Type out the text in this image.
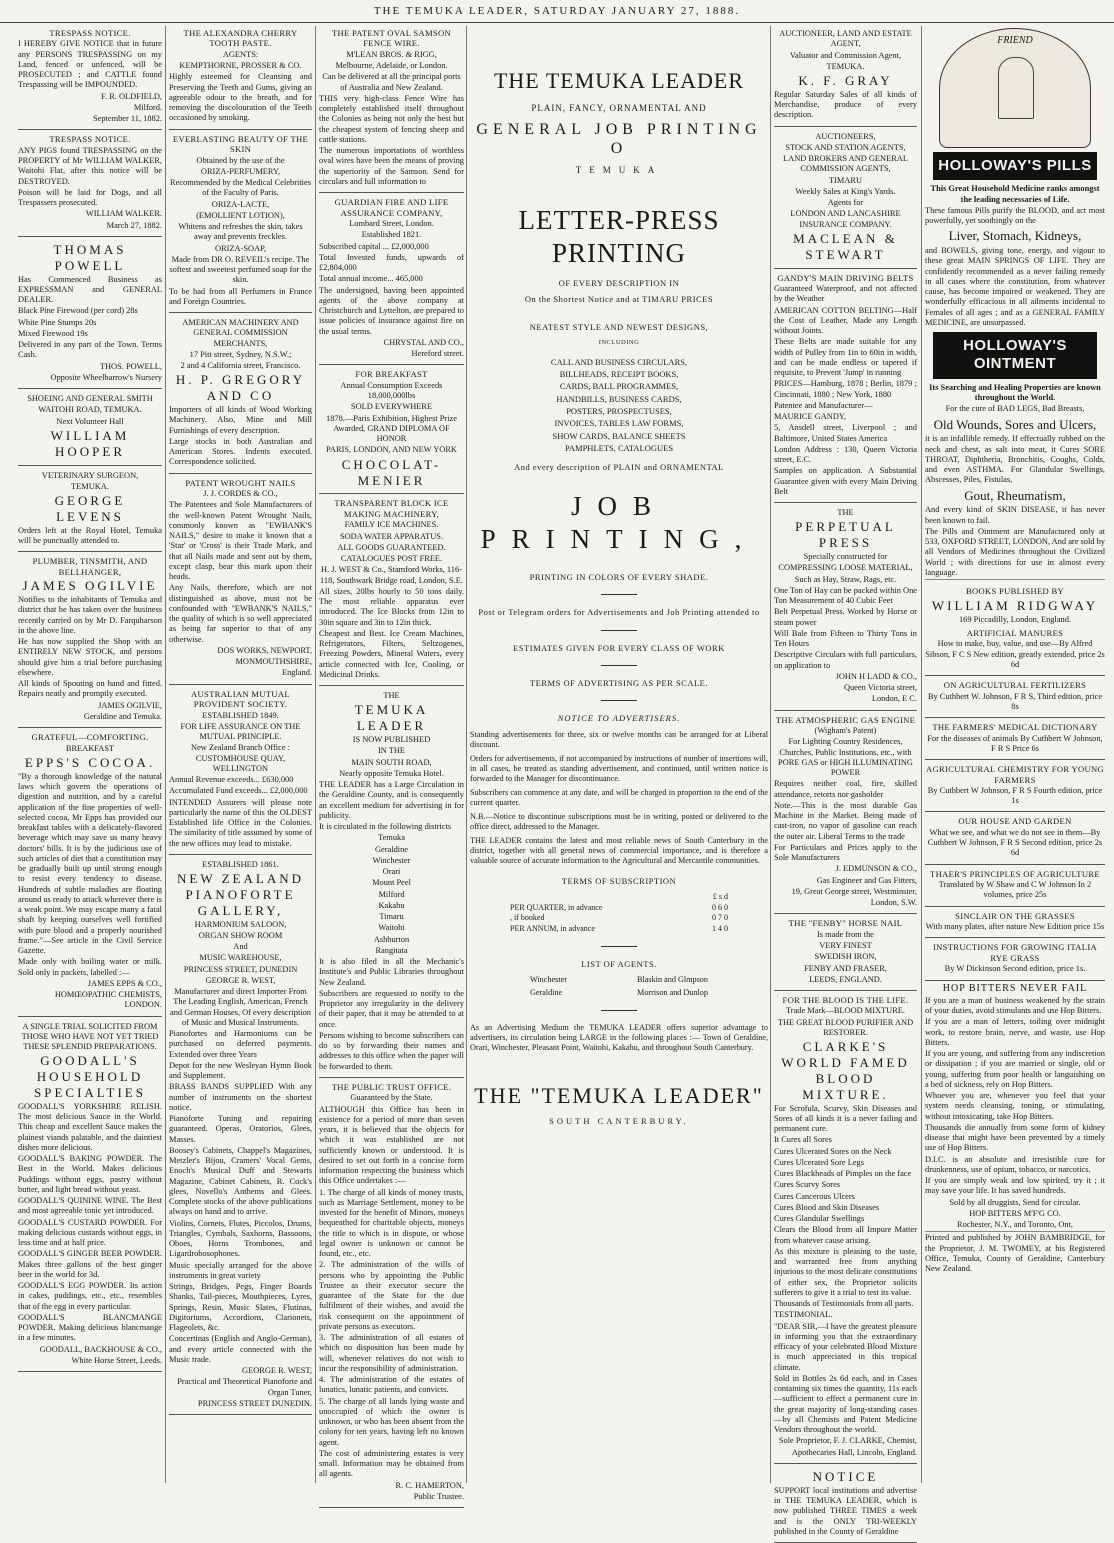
THE TEMUKA LEADER, SATURDAY JANUARY 27, 1888.
TRESPASS NOTICE.
I HEREBY GIVE NOTICE that in future any PERSONS TRESPASSING on my Land, fenced or unfenced, will be PROSECUTED ; and CATTLE found Trespassing will be IMPOUNDED.
F. R. OLDFIELD,
Milford.
September 11, 1882.
TRESPASS NOTICE.
ANY PIGS found TRESPASSING on the PROPERTY of Mr WILLIAM WALKER, Waitohi Flat, after this notice will be DESTROYED.
Poison will be laid for Dogs, and all Trespassers prosecuted.
WILLIAM WALKER.
March 27, 1882.
THOMAS POWELL
Has Commenced Business as EXPRESSMAN and GENERAL DEALER.
Black Pine Firewood (per cord) 28s
White Pine Stumps 20s
Mixed Firewood 19s
Delivered in any part of the Town. Terms Cash.
THOS. POWELL,
Opposite Wheelbarrow's Nursery
SHOEING AND GENERAL SMITH
WAITOHI ROAD, TEMUKA.
Next Volunteer Hall
WILLIAM HOOPER
VETERINARY SURGEON,
TEMUKA.
GEORGE LEVENS
Orders left at the Royal Hotel, Temuka will be punctually attended to.
PLUMBER, TINSMITH, AND BELLHANGER,
JAMES OGILVIE
Notifies to the inhabitants of Temuka and district that he has taken over the business recently carried on by Mr D. Farquharson in the above line.
He has now supplied the Shop with an ENTIRELY NEW STOCK, and persons should give him a trial before purchasing elsewhere.
All kinds of Spouting on hand and fitted. Repairs neatly and promptly executed.
JAMES OGILVIE,
Geraldine and Temuka.
GRATEFUL—COMFORTING.
BREAKFAST
EPPS'S COCOA.
"By a thorough knowledge of the natural laws which govern the operations of digestion and nutrition, and by a careful application of the fine properties of well-selected cocoa, Mr Epps has provided our breakfast tables with a delicately-flavored beverage which may save us many heavy doctors' bills. It is by the judicious use of such articles of diet that a constitution may be gradually built up until strong enough to resist every tendency to disease. Hundreds of subtle maladies are floating around us ready to attack wherever there is a weak point. We may escape many a fatal shaft by keeping ourselves well fortified with pure blood and a properly nourished frame."—See article in the Civil Service Gazette.
Made only with boiling water or milk. Sold only in packets, labelled :—
JAMES EPPS & CO.,
HOMŒOPATHIC CHEMISTS, LONDON.
A SINGLE TRIAL SOLICITED FROM THOSE WHO HAVE NOT YET TRIED THESE SPLENDID PREPARATIONS.
GOODALL'S HOUSEHOLD SPECIALTIES
GOODALL'S YORKSHIRE RELISH. The most delicious Sauce in the World. This cheap and excellent Sauce makes the plainest viands palatable, and the daintiest dishes more delicious.
GOODALL'S BAKING POWDER. The Best in the World. Makes delicious Puddings without eggs, pastry without butter, and light bread without yeast.
GOODALL'S QUININE WINE. The Best and most agreeable tonic yet introduced.
GOODALL'S CUSTARD POWDER. For making delicious custards without eggs, in less time and at half price.
GOODALL'S GINGER BEER POWDER. Makes three gallons of the best ginger beer in the world for 3d.
GOODALL'S EGG POWDER. Its action in cakes, puddings, etc., etc., resembles that of the egg in every particular.
GOODALL'S BLANCMANGE POWDER. Making delicious blancmange in a few minutes.
GOODALL, BACKHOUSE & CO.,
White Horse Street, Leeds.
THE ALEXANDRA CHERRY TOOTH PASTE.
AGENTS:
KEMPTHORNE, PROSSER & CO.
Highly esteemed for Cleansing and Preserving the Teeth and Gums, giving an agreeable odour to the breath, and for removing the discolouration of the Teeth occasioned by smoking.
EVERLASTING BEAUTY OF THE SKIN
Obtained by the use of the
ORIZA-PERFUMERY,
Recommended by the Medical Celebrities of the Faculty of Paris.
ORIZA-LACTE,
(EMOLLIENT LOTION),
Whitens and refreshes the skin, takes away and prevents freckles.
ORIZA-SOAP,
Made from DR O. REVEIL's recipe. The softest and sweetest perfumed soap for the skin.
To be had from all Perfumers in France and Foreign Countries.
AMERICAN MACHINERY AND GENERAL COMMISSION MERCHANTS,
17 Pitt street, Sydney, N.S.W.;
2 and 4 California street, Francisco.
H. P. GREGORY AND CO
Importers of all kinds of Wood Working Machinery. Also, Mine and Mill Furnishings of every description.
Large stocks in both Australian and American Stores. Indents executed. Correspondence solicited.
PATENT WROUGHT NAILS
J. J. CORDES & CO.,
The Patentees and Sole Manufacturers of the well-known Patent Wrought Nails, commonly known as "EWBANK'S NAILS," desire to make it known that a 'Star' or 'Cross' is their Trade Mark, and that all Nails made and sent out by them, except clasp, bear this mark upon their heads.
Any Nails, therefore, which are not distinguished as above, must not be confounded with "EWBANK'S NAILS," the quality of which is so well appreciated as being far superior to that of any otherwise.
DOS WORKS, NEWPORT,
MONMOUTHSHIRE,
England.
AUSTRALIAN MUTUAL PROVIDENT SOCIETY.
ESTABLISHED 1849.
FOR LIFE ASSURANCE ON THE MUTUAL PRINCIPLE.
New Zealand Branch Office : CUSTOMHOUSE QUAY, WELLINGTON
Annual Revenue exceeds... £630,000
Accumulated Fund exceeds... £2,000,000
INTENDED Assurers will please note particularly the name of this the OLDEST Established life Office in the Colonies. The similarity of title assumed by some of the new offices may lead to mistake.
ESTABLISHED 1861.
NEW ZEALAND PIANOFORTE GALLERY,
HARMONIUM SALOON,
ORGAN SHOW ROOM
And
MUSIC WAREHOUSE,
PRINCESS STREET, DUNEDIN
GEORGE R. WEST,
Manufacturer and direct Importer From The Leading English, American, French and German Houses, Of every description of Music and Musical Instruments.
Pianofortes and Harmoniums can be purchased on deferred payments. Extended over three Years
Depot for the new Wesleyan Hymn Book and Supplement.
BRASS BANDS SUPPLIED With any number of instruments on the shortest notice.
Pianoforte Tuning and repairing guaranteed. Operas, Oratorios, Glees, Masses.
Boosey's Cabinets, Chappel's Magazines, Metzler's Bijou, Cramers' Vocal Gems, Enoch's Musical Duff and Stewarts Magazine, Cabinet Cabinets, R. Cock's glees, Novello's Anthems and Glees. Complete stocks of the above publications always on hand and to arrive.
Violins, Cornets, Flutes, Piccolos, Drums, Triangles, Cymbals, Saxhorns, Bassoons, Oboes, Horns Trombones, and Ligardrobosophones.
Music specially arranged for the above instruments in great variety
Strings, Bridges, Pegs, Finger Boards Shanks, Tail-pieces, Mouthpieces, Lyres, Springs, Resin, Music Slates, Flutinas, Digitoriums, Accordions, Clarionets, Flageolets, &c.
Concertinas (English and Anglo-German), and every article connected with the Music trade.
GEORGE R. WEST,
Practical and Theoretical Pianoforte and Organ Tuner,
PRINCESS STREET DUNEDIN.
THE PATENT OVAL SAMSON FENCE WIRE.
M'LEAN BROS. & RIGG,
Melbourne, Adelaide, or London.
Can be delivered at all the principal ports of Australia and New Zealand.
THIS very high-class Fence Wire has completely established itself throughout the Colonies as being not only the best but the cheapest system of fencing sheep and cattle stations.
The numerous importations of worthless oval wires have been the means of proving the superiority of the Samson. Send for circulars and full information to
GUARDIAN FIRE AND LIFE ASSURANCE COMPANY,
Lombard Street, London.
Established 1821.
Subscribed capital ... £2,000,000
Total Invested funds, upwards of £2,804,000
Total annual income... 465,000
The undersigned, having been appointed agents of the above company at Christchurch and Lyttelton, are prepared to issue policies of insurance against fire on the usual terms.
CHRYSTAL AND CO.,
Hereford street.
FOR BREAKFAST
Annual Consumption Exceeds 18,000,000lbs
SOLD EVERYWHERE
1878.—Paris Exhibition, Highest Prize Awarded, GRAND DIPLOMA OF HONOR
PARIS, LONDON, AND NEW YORK
CHOCOLAT-MENIER
TRANSPARENT BLOCK ICE MAKING MACHINERY,
FAMILY ICE MACHINES.
SODA WATER APPARATUS.
ALL GOODS GUARANTEED.
CATALOGUES POST FREE.
H. J. WEST & Co., Stamford Works, 116-118, Southwark Bridge road, London, S.E.
All sizes, 20lbs hourly to 50 tons daily. The most reliable apparatus ever introduced. The Ice Blocks from 12in to 30in square and 3in to 12in thick.
Cheapest and Best. Ice Cream Machines, Refrigerators, Filters, Seltzogenes, Freezing Powders, Mineral Waters, every article connected with Ice, Cooling, or Medicinal Drinks.
THE
TEMUKA LEADER
IS NOW PUBLISHED
IN THE
MAIN SOUTH ROAD,
Nearly opposite Temuka Hotel.
THE LEADER has a Large Circulation in the Geraldine County, and is consequently an excellent medium for advertising in for publicity.
It is circulated in the following districts
Temuka
Geraldine
Winchester
Orari
Mount Peel
Milford
Kakahu
Timaru
Waitohi
Ashburton
Rangitata
It is also filed in all the Mechanic's Institute's and Public Libraries throughout New Zealand.
Subscribers are requested to notify to the Proprietor any irregularity in the delivery of their paper, that it may be attended to at once.
Persons wishing to become subscribers can do so by forwarding their names and addresses to this office when the paper will be forwarded to them.
THE PUBLIC TRUST OFFICE.
Guaranteed by the State.
ALTHOUGH this Office has been in existence for a period of more than seven years, it is believed that the objects for which it was established are not sufficiently known or understood. It is desired to set out forth in a concise form information respecting the business which this Office undertakes :—
1. The charge of all kinds of money trusts, such as Marriage Settlement, money to be invested for the benefit of Minors, moneys bequeathed for charitable objects, moneys the title to which is in dispute, or whose legal owner is unknown or cannot be found, etc., etc.
2. The administration of the wills of persons who by appointing the Public Trustee as their executor secure the guarantee of the State for the due fulfilment of their wishes, and avoid the risk consequent on the appointment of private persons as executors.
3. The administration of all estates of which no disposition has been made by will, whenever relatives do not wish to incur the responsibility of administration.
4. The administration of the estates of lunatics, lunatic patients, and convicts.
5. The charge of all lands lying waste and unoccupied of which the owner is unknown, or who has been absent from the colony for ten years, having left no known agent.
The cost of administering estates is very small. Information may be obtained from all agents.
R. C. HAMERTON,
Public Trustee.
THE TEMUKA LEADER
PLAIN, FANCY, ORNAMENTAL AND
GENERAL JOB PRINTING O
TEMUKA
LETTER-PRESS PRINTING
OF EVERY DESCRIPTION IN
On the Shortest Notice and at TIMARU PRICES
NEATEST STYLE AND NEWEST DESIGNS,
INCLUDING
CALL AND BUSINESS CIRCULARS,
BILLHEADS, RECEIPT BOOKS,
CARDS, BALL PROGRAMMES,
HANDBILLS, BUSINESS CARDS,
POSTERS, PROSPECTUSES,
INVOICES, TABLES LAW FORMS,
SHOW CARDS, BALANCE SHEETS
PAMPHLETS, CATALOGUES
And every description of PLAIN and ORNAMENTAL
JOB PRINTING,
PRINTING IN COLORS OF EVERY SHADE.
Post or Telegram orders for Advertisements and Job Printing attended to
ESTIMATES GIVEN FOR EVERY CLASS OF WORK
TERMS OF ADVERTISING AS PER SCALE.
NOTICE TO ADVERTISERS.
Standing advertisements for three, six or twelve months can be arranged for at Liberal discount.
Orders for advertisements, if not accompanied by instructions of number of insertions will, in all cases, be treated as standing advertisement, and continued, until written notice is forwarded to the Manager for discontinuance.
Subscribers can commence at any date, and will be charged in proportion to the end of the current quarter.
N.B.—Notice to discontinue subscriptions must be in writing, posted or delivered to the office direct, addressed to the Manager.
THE LEADER contains the latest and most reliable news of South Canterbury in the district, together with all general news of commercial importance, and is therefore a valuable source of accurate information to the Agricultural and Mercantile communities.
TERMS OF SUBSCRIPTION
£ s d
PER QUARTER, in advance	0 6 0
, if booked	0 7 0
PER ANNUM, in advance	1 4 0
LIST OF AGENTS.
Winchester	Blaskin and Glmpson
Geraldine	Morrison and Dunlop
As an Advertising Medium the TEMUKA LEADER offers superior advantage to advertisers, its circulation being LARGE in the following places :— Town of Geraldine, Orari, Winchester, Pleasant Point, Waitohi, Kakahu, and throughout South Canterbury.
THE "TEMUKA LEADER"
SOUTH CANTERBURY.
AUCTIONEER, LAND AND ESTATE AGENT,
Valuator and Commission Agent,
TEMUKA.
K. F. GRAY
Regular Saturday Sales of all kinds of Merchandise, produce of every description.
AUCTIONEERS,
STOCK AND STATION AGENTS,
LAND BROKERS AND GENERAL COMMISSION AGENTS,
TIMARU
Weekly Sales at King's Yards.
Agents for
LONDON AND LANCASHIRE INSURANCE COMPANY.
MACLEAN & STEWART
GANDY'S MAIN DRIVING BELTS
Guaranteed Waterproof, and not affected by the Weather
AMERICAN COTTON BELTING—Half the Cost of Leather, Made any Length without Joints.
These Belts are made suitable for any width of Pulley from 1in to 60in in width, and can be made endless or tapered if requisite, to Prevent 'Jump' in running
PRICES—Hamburg, 1878 ; Berlin, 1879 ; Cincinnati, 1880 ; New York, 1880
Patentee and Manufacturer—
MAURICE GANDY,
5, Ansdell street, Liverpool ; and Baltimore, United States America
London Address : 130, Queen Victoria street, E.C.
Samples on application. A Substantial Guarantee given with every Main Driving Belt
THE
PERPETUAL PRESS
Specially constructed for
COMPRESSING LOOSE MATERIAL,
Such as Hay, Straw, Rags, etc.
One Ton of Hay can be packed within One Ton Measurement of 40 Cubic Feet
Belt Perpetual Press. Worked by Horse or steam power
Will Bale from Fifteen to Thirty Tons in Ten Hours
Descriptive Circulars with full particulars, on application to
JOHN H LADD & CO.,
Queen Victoria street,
London, E C.
THE ATMOSPHERIC GAS ENGINE
(Wigham's Patent)
For Lighting Country Residences, Churches, Public Institutions, etc., with PORE GAS or HIGH ILLUMINATING POWER
Requires neither coal, fire, skilled attendance, retorts nor gasholder
Note.—This is the most durable Gas Machine in the Market. Being made of cast-iron, no vapor of gasoline can reach the outer air. Liberal Terms to the trade
For Particulars and Prices apply to the Sole Manufacturers
J. EDMUNSON & CO.,
Gas Engineer and Gas Fitters,
19, Great George street, Westminster,
London, S.W.
THE "FENBY" HORSE NAIL
Is made from the
VERY FINEST
SWEDISH IRON,
FENBY AND FRASER,
LEEDS, ENGLAND.
FOR THE BLOOD IS THE LIFE.
Trade Mark—BLOOD MIXTURE.
THE GREAT BLOOD PURIFIER AND RESTORER.
CLARKE'S WORLD FAMED BLOOD MIXTURE.
For Scrofula, Scurvy, Skin Diseases and Sores of all kinds it is a never failing and permanent cure.
It Cures all Sores
Cures Ulcerated Sores on the Neck
Cures Ulcerated Sore Legs
Cures Blackheads of Pimples on the face
Cures Scurvy Sores
Cures Cancerous Ulcers
Cures Blood and Skin Diseases
Cures Glandular Swellings
Clears the Blood from all Impure Matter from whatever cause arising.
As this mixture is pleasing to the taste, and warranted free from anything injurious to the most delicate constitutions of either sex, the Proprietor solicits sufferers to give it a trial to test its value.
Thousands of Testimonials from all parts.
TESTIMONIAL.
"DEAR SIR,—I have the greatest pleasure in informing you that the extraordinary efficacy of your celebrated Blood Mixture is much appreciated in this tropical climate.
Sold in Bottles 2s 6d each, and in Cases containing six times the quantity, 11s each—sufficient to effect a permanent cure in the great majority of long-standing cases—by all Chemists and Patent Medicine Vendors throughout the world.
Sole Proprietor, F. J. CLARKE, Chemist,
Apothecaries Hall, Lincoln, England.
NOTICE
SUPPORT local institutions and advertise in THE TEMUKA LEADER, which is now published THREE TIMES a week and is the ONLY TRI-WEEKLY published in the County of Geraldine
FRIEND
HOLLOWAY'S PILLS
This Great Household Medicine ranks amongst the leading necessaries of Life.
These famous Pills purify the BLOOD, and act most powerfully, yet soothingly on the
Liver, Stomach, Kidneys,
and BOWELS, giving tone, energy, and vigour to these great MAIN SPRINGS OF LIFE. They are confidently recommended as a never failing remedy in all cases where the constitution, from whatever cause, has become impaired or weakened. They are wonderfully efficacious in all ailments incidental to Females of all ages ; and as a GENERAL FAMILY MEDICINE, are unsurpassed.
HOLLOWAY'S OINTMENT
Its Searching and Healing Properties are known throughout the World.
For the cure of BAD LEGS, Bad Breasts,
Old Wounds, Sores and Ulcers,
it is an infallible remedy. If effectually rubbed on the neck and chest, as salt into meat, it Cures SORE THROAT, Diphtheria, Bronchitis, Coughs, Colds, and even ASTHMA. For Glandular Swellings, Abscesses, Piles, Fistulas,
Gout, Rheumatism,
And every kind of SKIN DISEASE, it has never been known to fail.
The Pills and Ointment are Manufactured only at 533, OXFORD STREET, LONDON, And are sold by all Vendors of Medicines throughout the Civilized World ; with directions for use in almost every language.
BOOKS PUBLISHED BY
WILLIAM RIDGWAY
169 Piccadilly, London, England.
ARTIFICIAL MANURES
How to make, buy, value, and use—By Alfred Sibson, F C S New edition, greatly extended, price 2s 6d
ON AGRICULTURAL FERTILIZERS
By Cuthbert W. Johnson, F R S, Third edition, price 8s
THE FARMERS' MEDICAL DICTIONARY
For the diseases of animals By Cuthbert W Johnson, F R S Price 6s
AGRICULTURAL CHEMISTRY FOR YOUNG FARMERS
By Cuthbert W Johnson, F R S Fourth edition, price 1s
OUR HOUSE AND GARDEN
What we see, and what we do not see in them—By Cuthbert W Johnson, F R S Second edition, price 2s 6d
THAER'S PRINCIPLES OF AGRICULTURE
Translated by W Shaw and C W Johnson In 2 volumes, price 25s
SINCLAIR ON THE GRASSES
With many plates, after nature New Edition price 15s
INSTRUCTIONS FOR GROWING ITALIA RYE GRASS
By W Dickinson Second edition, price 1s.
HOP BITTERS NEVER FAIL
If you are a man of business weakened by the strain of your duties, avoid stimulants and use Hop Bitters.
If you are a man of letters, toiling over midnight work, to restore brain, nerve, and waste, use Hop Bitters.
If you are young, and suffering from any indiscretion or dissipation ; if you are married or single, old or young, suffering from poor health or languishing on a bed of sickness, rely on Hop Bitters.
Whoever you are, whenever you feel that your system needs cleansing, toning, or stimulating, without intoxicating, take Hop Bitters.
Thousands die annually from some form of kidney disease that might have been prevented by a timely use of Hop Bitters.
D.I.C. is an absolute and irresistible cure for drunkenness, use of opium, tobacco, or narcotics.
If you are simply weak and low spirited, try it ; it may save your life. It has saved hundreds.
Sold by all druggists, Send for circular.
HOP BITTERS M'F'G CO.
Rochester, N.Y., and Toronto, Ont,
Printed and published by JOHN BAMBRIDGE, for the Proprietor, J. M. TWOMEY, at his Registered Office, Temuka, County of Geraldine, Canterbury New Zealand.
